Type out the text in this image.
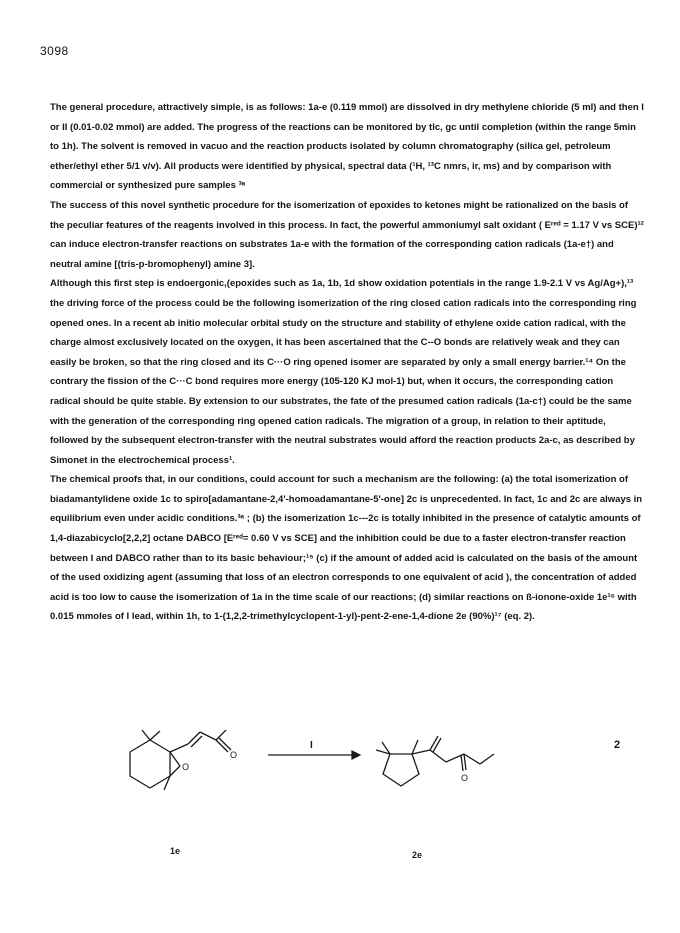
3098

The general procedure, attractively simple, is as follows: 1a-e (0.119 mmol) are dissolved in dry methylene chloride (5 ml) and then I or II (0.01-0.02 mmol) are added. The progress of the reactions can be monitored by tlc, gc until completion (within the range 5min to 1h). The solvent is removed in vacuo and the reaction products isolated by column chromatography (silica gel, petroleum ether/ethyl ether 5/1 v/v). All products were identified by physical, spectral data (¹H, ¹³C nmrs, ir, ms) and by comparison with commercial or synthesized pure samples ³ᵃ

The success of this novel synthetic procedure for the isomerization of epoxides to ketones might be rationalized on the basis of the peculiar features of the reagents involved in this process. In fact, the powerful ammoniumyl salt oxidant ( Eʳᵉᵈ = 1.17 V vs SCE)¹² can induce electron-transfer reactions on substrates 1a-e with the formation of the corresponding cation radicals (1a-e†) and neutral amine [(tris-p-bromophenyl) amine 3].

Although this first step is endoergonic,(epoxides such as 1a, 1b, 1d show oxidation potentials in the range 1.9-2.1 V vs Ag/Ag+),¹³ the driving force of the process could be the following isomerization of the ring closed cation radicals into the corresponding ring opened ones. In a recent ab initio molecular orbital study on the structure and stability of ethylene oxide cation radical, with the charge almost exclusively located on the oxygen, it has been ascertained that the C--O bonds are relatively weak and they can easily be broken, so that the ring closed and its C···O ring opened isomer are separated by only a small energy barrier.¹⁴ On the contrary the fission of the C···C bond requires more energy (105-120 KJ mol-1) but, when it occurs, the corresponding cation radical should be quite stable. By extension to our substrates, the fate of the presumed cation radicals (1a-c†) could be the same with the generation of the corresponding ring opened cation radicals. The migration of a group, in relation to their aptitude, followed by the subsequent electron-transfer with the neutral substrates would afford the reaction products 2a-c, as described by Simonet in the electrochemical process¹.

The chemical proofs that, in our conditions, could account for such a mechanism are the following: (a) the total isomerization of biadamantylidene oxide 1c to spiro[adamantane-2,4'-homoadamantane-5'-one] 2c is unprecedented. In fact, 1c and 2c are always in equilibrium even under acidic conditions.³ᵃ ; (b) the isomerization 1c---2c is totally inhibited in the presence of catalytic amounts of 1,4-diazabicyclo[2,2,2] octane DABCO [Eʳᵉᵈ= 0.60 V vs SCE] and the inhibition could be due to a faster electron-transfer reaction between I and DABCO rather than to its basic behaviour;¹⁵ (c) if the amount of added acid is calculated on the basis of the amount of the used oxidizing agent (assuming that loss of an electron corresponds to one equivalent of acid ), the concentration of added acid is too low to cause the isomerization of 1a in the time scale of our reactions; (d) similar reactions on ß-ionone-oxide 1e¹⁶ with 0.015 mmoles of I lead, within 1h, to 1-(1,2,2-trimethylcyclopent-1-yl)-pent-2-ene-1,4-dione 2e (90%)¹⁷ (eq. 2).

2
O
O
I
O
1e	2e
